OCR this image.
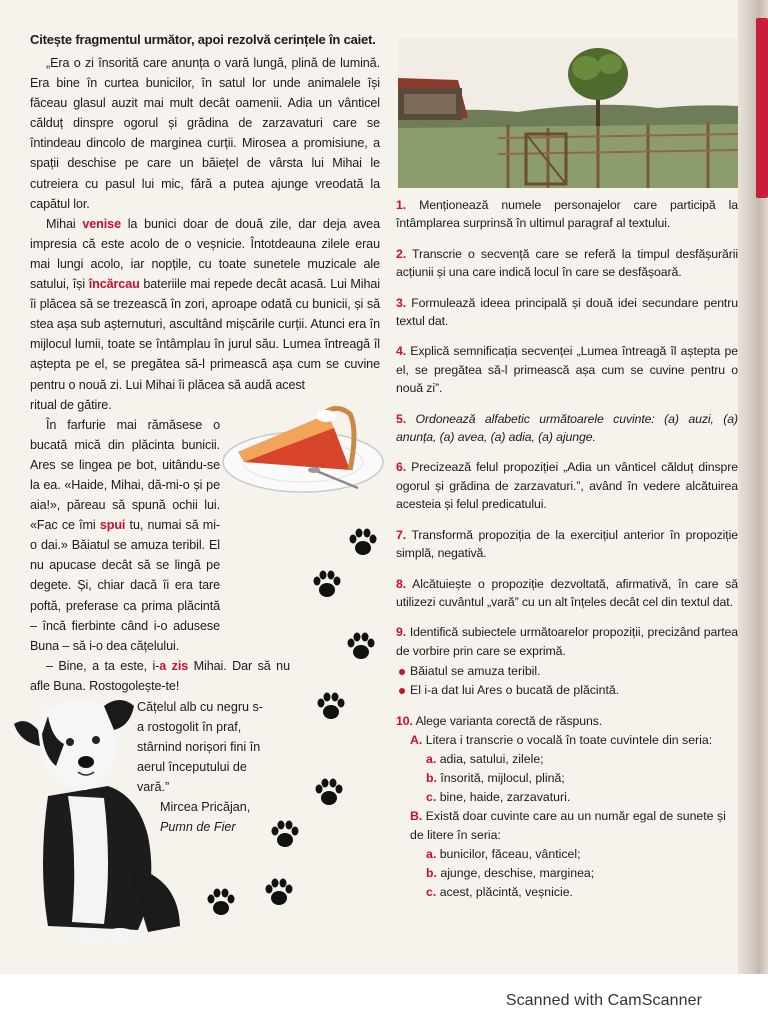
Citește fragmentul următor, apoi rezolvă cerințele în caiet.

„Era o zi însorită care anunța o vară lungă, plină de lumină. Era bine în curtea bunicilor, în satul lor unde animalele își făceau glasul auzit mai mult decât oamenii. Adia un vânticel călduț dinspre ogorul și grădina de zarzavaturi care se întindeau dincolo de marginea curții. Mirosea a promisiune, a spații deschise pe care un băiețel de vârsta lui Mihai le cutreiera cu pasul lui mic, fără a putea ajunge vreodată la capătul lor.

Mihai venise la bunici doar de două zile, dar deja avea impresia că este acolo de o veșnicie. Întotdeauna zilele erau mai lungi acolo, iar nopțile, cu toate sunetele muzicale ale satului, își încărcau bateriile mai repede decât acasă. Lui Mihai îi plăcea să se trezească în zori, aproape odată cu bunicii, și să stea așa sub așternuturi, ascultând mișcările curții. Atunci era în mijlocul lumii, toate se întâmplau în jurul său. Lumea întreagă îl aștepta pe el, se pregătea să-l primească așa cum se cuvine pentru o nouă zi. Lui Mihai îi plăcea să audă acest

ritual de gătire.

În farfurie mai rămăsese o bucată mică din plăcinta bunicii. Ares se lingea pe bot, uitându-se la ea. «Haide, Mihai, dă-mi-o și pe aia!», păreau să spună ochii lui. «Fac ce îmi spui tu, numai să mi-o dai.» Băiatul se amuza teribil. El nu apucase decât să se lingă pe degete. Și, chiar dacă îi era tare poftă, preferase ca prima plăcintă – încă fierbinte când i-o adusese Buna – să i-o dea cățelului.

– Bine, a ta este, i-a zis Mihai. Dar să nu afle Buna. Rostogolește-te!

Cățelul alb cu negru s-a rostogolit în praf, stârnind norișori fini în aerul începutului de vară.”
Mircea Pricăjan,
Pumn de Fier
1. Menționează numele personajelor care participă la întâmplarea surprinsă în ultimul paragraf al textului.
2. Transcrie o secvență care se referă la timpul desfășurării acțiunii și una care indică locul în care se desfășoară.
3. Formulează ideea principală și două idei secundare pentru textul dat.
4. Explică semnificația secvenței „Lumea întreagă îl aștepta pe el, se pregătea să-l primească așa cum se cuvine pentru o nouă zi”.
5. Ordonează alfabetic următoarele cuvinte: (a) auzi, (a) anunța, (a) avea, (a) adia, (a) ajunge.
6. Precizează felul propoziției „Adia un vânticel călduț dinspre ogorul și grădina de zarzavaturi.”, având în vedere alcătuirea acesteia și felul predicatului.
7. Transformă propoziția de la exercițiul anterior în propoziție simplă, negativă.
8. Alcătuiește o propoziție dezvoltată, afirmativă, în care să utilizezi cuvântul „vară” cu un alt înțeles decât cel din textul dat.
9. Identifică subiectele următoarelor propoziții, precizând partea de vorbire prin care se exprimă.
Băiatul se amuza teribil.
El i-a dat lui Ares o bucată de plăcintă.
10. Alege varianta corectă de răspuns.
A. Litera i transcrie o vocală în toate cuvintele din seria:
a. adia, satului, zilele;
b. însorită, mijlocul, plină;
c. bine, haide, zarzavaturi.
B. Există doar cuvinte care au un număr egal de sunete și de litere în seria:
a. bunicilor, făceau, vânticel;
b. ajunge, deschise, marginea;
c. acest, plăcintă, veșnicie.
Scanned with CamScanner
